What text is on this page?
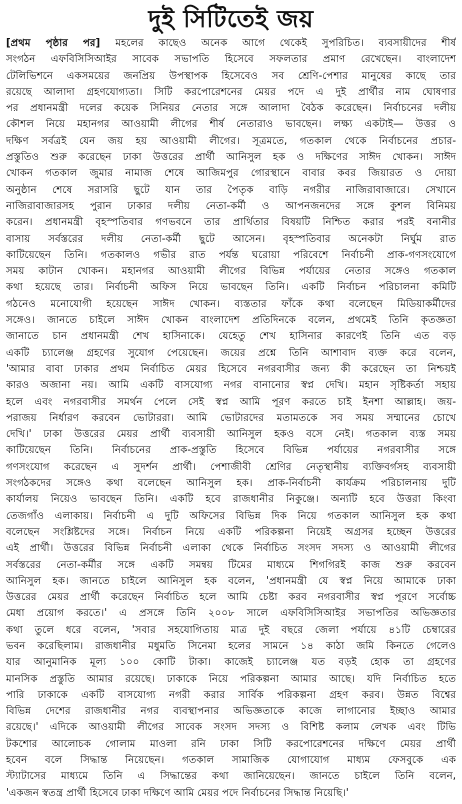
দুই সিটিতেই জয়
[প্রথম পৃষ্ঠার পর] মহলের কাছেও অনেক আগে থেকেই সুপরিচিত। ব্যবসায়ীদের শীর্ষ
সংগঠন এফবিসিসিআইর সাবেক সভাপতি হিসেবে সফলতার প্রমাণ রেখেছেন। বাংলাদেশ
টেলিভিশনে একসময়ের জনপ্রিয় উপস্থাপক হিসেবেও সব শ্রেণি-পেশার মানুষের কাছে তার
রয়েছে আলাদা গ্রহণযোগ্যতা। সিটি করপোরেশনের মেয়র পদে এ দুই প্রার্থীর নাম ঘোষণার
পর প্রধানমন্ত্রী দলের কয়েক সিনিয়র নেতার সঙ্গে আলাদা বৈঠক করেছেন। নির্বাচনের দলীয়
কৌশল নিয়ে মহানগর আওয়ামী লীগের শীর্ষ নেতারাও ভাবছেন। লক্ষ্য একটাই— উত্তর ও
দক্ষিণ সর্বত্রই যেন জয় হয় আওয়ামী লীগের। সূত্রমতে, গতকাল থেকে নির্বাচনের প্রচার-
প্রস্তুতিও শুরু করেছেন ঢাকা উত্তরের প্রার্থী আনিসুল হক ও দক্ষিণের সাঈদ খোকন। সাঈদ
খোকন গতকাল জুমার নামাজ শেষে আজিমপুর গোরস্থানে বাবার কবর জিয়ারত ও দোয়া
অনুষ্ঠান শেষে সরাসরি ছুটে যান তার পৈতৃক বাড়ি নগরীর নাজিরাবাজারে। সেখানে
নাজিরাবাজারসহ পুরান ঢাকার দলীয় নেতা-কর্মী ও আপনজনদের সঙ্গে কুশল বিনিময়
করেন। প্রধানমন্ত্রী বৃহস্পতিবার গণভবনে তার প্রার্থিতার বিষয়টি নিশ্চিত করার পরই বনানীর
বাসায় সর্বস্তরের দলীয় নেতা-কর্মী ছুটে আসেন। বৃহস্পতিবার অনেকটা নির্ঘুম রাত
কাটিয়েছেন তিনি। গতকালও গভীর রাত পর্যন্ত ঘরোয়া পরিবেশে নির্বাচনী প্রাক-গণসংযোগে
সময় কাটান খোকন। মহানগর আওয়ামী লীগের বিভিন্ন পর্যায়ের নেতার সঙ্গেও গতকাল
কথা হয়েছে তার। নির্বাচনী অফিস নিয়ে ভাবছেন তিনি। একটি নির্বাচন পরিচালনা কমিটি
গঠনেও মনোযোগী হয়েছেন সাঈদ খোকন। ব্যস্ততার ফাঁকে কথা বলেছেন মিডিয়াকর্মীদের
সঙ্গেও। জানতে চাইলে সাঈদ খোকন বাংলাদেশ প্রতিদিনকে বলেন, প্রথমেই তিনি কৃতজ্ঞতা
জানাতে চান প্রধানমন্ত্রী শেখ হাসিনাকে। যেহেতু শেখ হাসিনার কারণেই তিনি এত বড়
একটি চ্যালেঞ্জ গ্রহণের সুযোগ পেয়েছেন। জয়ের প্রশ্নে তিনি আশাবাদ ব্যক্ত করে বলেন,
'আমার বাবা ঢাকার প্রথম নির্বাচিত মেয়র হিসেবে নগরবাসীর জন্য কী করেছেন তা নিশ্চয়ই
কারও অজানা নয়। আমি একটি বাসযোগ্য নগর বানানোর স্বপ্ন দেখি। মহান সৃষ্টিকর্তা সহায়
হলে এবং নগরবাসীর সমর্থন পেলে সেই স্বপ্ন আমি পূরণ করতে চাই ইনশা আল্লাহ। জয়-
পরাজয় নির্ধারণ করবেন ভোটাররা। আমি ভোটারদের মতামতকে সব সময় সম্মানের চোখে
দেখি।' ঢাকা উত্তরের মেয়র প্রার্থী ব্যবসায়ী আনিসুল হকও বসে নেই। গতকাল ব্যস্ত সময়
কাটিয়েছেন তিনি। নির্বাচনের প্রাক-প্রস্তুতি হিসেবে বিভিন্ন পর্যায়ের নগরবাসীর সঙ্গে
গণসংযোগ করেছেন এ সুদর্শন প্রার্থী। পেশাজীবী শ্রেণির নেতৃস্থানীয় ব্যক্তিবর্গসহ ব্যবসায়ী
সংগঠকদের সঙ্গেও কথা বলেছেন আনিসুল হক। প্রাক-নির্বাচনী কার্যক্রম পরিচালনায় দুটি
কার্যালয় নিয়েও ভাবছেন তিনি। একটি হবে রাজধানীর নিকুঞ্জে। অন্যটি হবে উত্তরা কিংবা
তেজগাঁও এলাকায়। নির্বাচনী এ দুটি অফিসের বিভিন্ন দিক নিয়ে গতকাল আনিসুল হক কথা
বলেছেন সংশ্লিষ্টদের সঙ্গে। নির্বাচন নিয়ে একটি পরিকল্পনা নিয়েই অগ্রসর হচ্ছেন উত্তরের
এই প্রার্থী। উত্তরের বিভিন্ন নির্বাচনী এলাকা থেকে নির্বাচিত সংসদ সদস্য ও আওয়ামী লীগের
সর্বস্তরের নেতা-কর্মীর সঙ্গে একটি সমন্বয় টিমের মাধ্যমে শিগগিরই কাজ শুরু করবেন
আনিসুল হক। জানতে চাইলে আনিসুল হক বলেন, 'প্রধানমন্ত্রী যে স্বপ্ন নিয়ে আমাকে ঢাকা
উত্তরের মেয়র প্রার্থী করেছেন নির্বাচিত হলে আমি চেষ্টা করব নগরবাসীর স্বপ্ন পূরণে সর্বোচ্চ
মেধা প্রয়োগ করতে।' এ প্রসঙ্গে তিনি ২০০৮ সালে এফবিসিসিআইর সভাপতির অভিজ্ঞতার
কথা তুলে ধরে বলেন, 'সবার সহযোগিতায় মাত্র দুই বছরে জেলা পর্যায়ে ৪১টি চেম্বারের
ভবন করেছিলাম। রাজধানীর মধুমতি সিনেমা হলের সামনে ১৪ কাঠা জমি কিনতে গেলেও
যার আনুমানিক মূল্য ১০০ কোটি টাকা। কাজেই চ্যালেঞ্জ যত বড়ই হোক তা গ্রহণের
মানসিক প্রস্তুতি আমার রয়েছে। ঢাকাকে নিয়ে পরিকল্পনা আমার আছে। যদি নির্বাচিত হতে
পারি ঢাকাকে একটি বাসযোগ্য নগরী করার সার্বিক পরিকল্পনা গ্রহণ করব। উন্নত বিশ্বের
বিভিন্ন দেশের রাজধানীর নগর ব্যবস্থাপনার অভিজ্ঞতাকে কাজে লাগানোর ইচ্ছাও আমার
রয়েছে।' এদিকে আওয়ামী লীগের সাবেক সংসদ সদস্য ও বিশিষ্ট কলাম লেখক এবং টিভি
টকশোর আলোচক গোলাম মাওলা রনি ঢাকা সিটি করপোরেশনের দক্ষিণে মেয়র প্রার্থী
হবেন বলে সিদ্ধান্ত নিয়েছেন। গতকাল সামাজিক যোগাযোগ মাধ্যম ফেসবুকে এক
স্ট্যাটাসের মাধ্যমে তিনি এ সিদ্ধান্তের কথা জানিয়েছেন। জানতে চাইলে তিনি বলেন,
'একজন স্বতন্ত্র প্রার্থী হিসেবে ঢাকা দক্ষিণে আমি মেয়র পদে নির্বাচনের সিদ্ধান্ত নিয়েছি।'
